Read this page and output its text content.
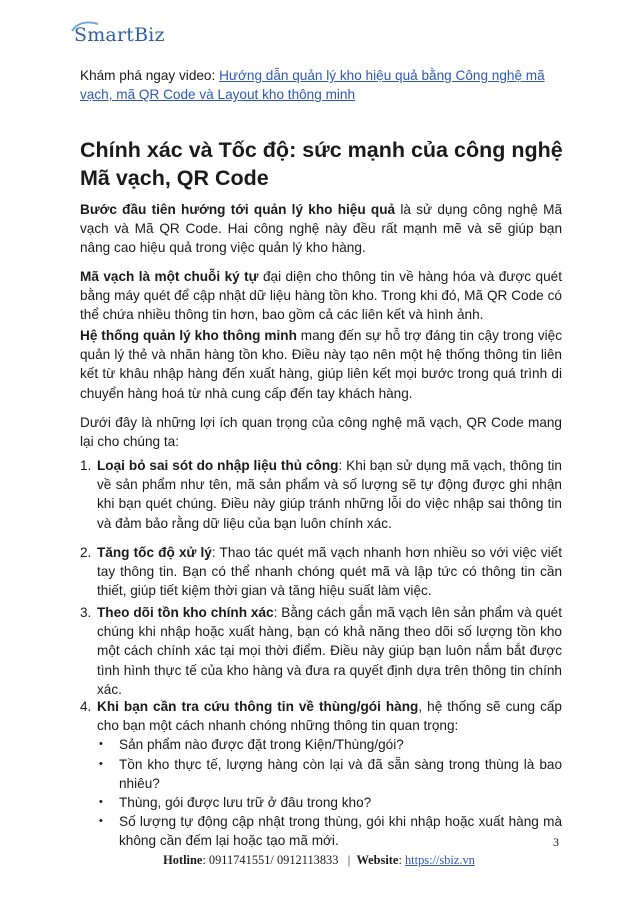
SmartBiz
Khám phá ngay video: Hướng dẫn quản lý kho hiệu quả bằng Công nghệ mã vạch, mã QR Code và Layout kho thông minh
Chính xác và Tốc độ: sức mạnh của công nghệ Mã vạch, QR Code

Bước đầu tiên hướng tới quản lý kho hiệu quả là sử dụng công nghệ Mã vạch và Mã QR Code. Hai công nghệ này đều rất mạnh mẽ và sẽ giúp bạn nâng cao hiệu quả trong việc quản lý kho hàng.

Mã vạch là một chuỗi ký tự đại diện cho thông tin về hàng hóa và được quét bằng máy quét để cập nhật dữ liệu hàng tồn kho. Trong khi đó, Mã QR Code có thể chứa nhiều thông tin hơn, bao gồm cả các liên kết và hình ảnh.

Hệ thống quản lý kho thông minh mang đến sự hỗ trợ đáng tin cậy trong việc quản lý thẻ và nhãn hàng tồn kho. Điều này tạo nên một hệ thống thông tin liên kết từ khâu nhập hàng đến xuất hàng, giúp liên kết mọi bước trong quá trình di chuyển hàng hoá từ nhà cung cấp đến tay khách hàng.

Dưới đây là những lợi ích quan trọng của công nghệ mã vạch, QR Code mang lại cho chúng ta:

1. Loại bỏ sai sót do nhập liệu thủ công: Khi bạn sử dụng mã vạch, thông tin về sản phẩm như tên, mã sản phẩm và số lượng sẽ tự động được ghi nhận khi bạn quét chúng. Điều này giúp tránh những lỗi do việc nhập sai thông tin và đảm bảo rằng dữ liệu của bạn luôn chính xác.
2. Tăng tốc độ xử lý: Thao tác quét mã vạch nhanh hơn nhiều so với việc viết tay thông tin. Bạn có thể nhanh chóng quét mã và lập tức có thông tin cần thiết, giúp tiết kiệm thời gian và tăng hiệu suất làm việc.
3. Theo dõi tồn kho chính xác: Bằng cách gắn mã vạch lên sản phẩm và quét chúng khi nhập hoặc xuất hàng, bạn có khả năng theo dõi số lượng tồn kho một cách chính xác tại mọi thời điểm. Điều này giúp bạn luôn nắm bắt được tình hình thực tế của kho hàng và đưa ra quyết định dựa trên thông tin chính xác.
4. Khi bạn cần tra cứu thông tin về thùng/gói hàng, hệ thống sẽ cung cấp cho bạn một cách nhanh chóng những thông tin quan trọng:
• Sản phẩm nào được đặt trong Kiện/Thùng/gói?
• Tồn kho thực tế, lượng hàng còn lại và đã sẵn sàng trong thùng là bao nhiêu?
• Thùng, gói được lưu trữ ở đâu trong kho?
• Số lượng tự động cập nhật trong thùng, gói khi nhập hoặc xuất hàng mà không cần đếm lại hoặc tạo mã mới.	3
Hotline: 0911741551/ 0912113833 | Website: https://sbiz.vn
